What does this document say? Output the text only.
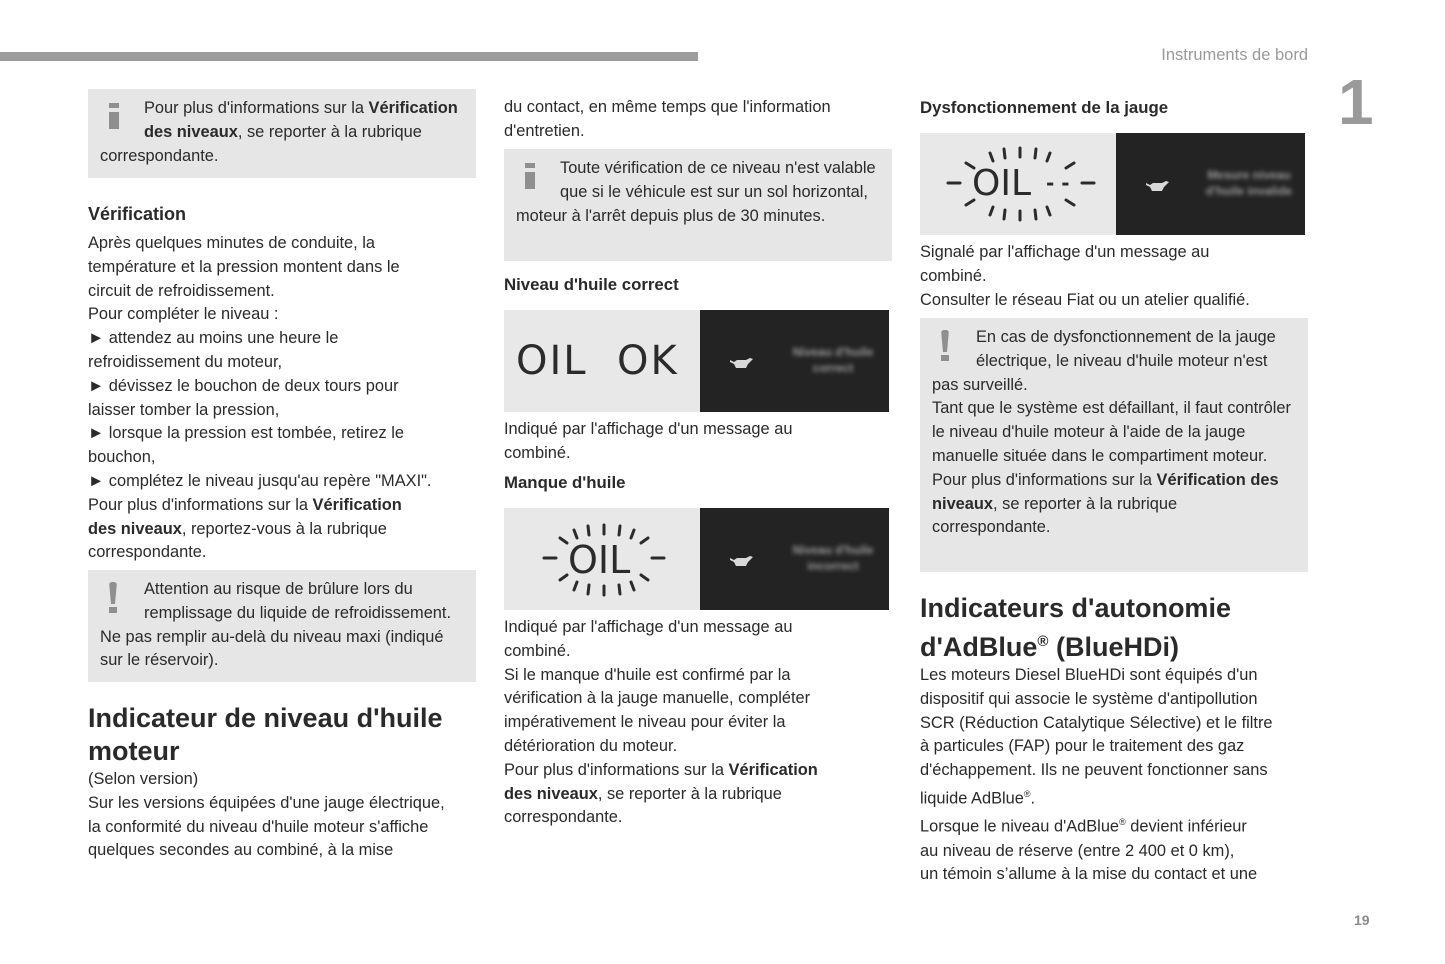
Instruments de bord
1
19

Pour plus d'informations sur la Vérification des niveaux, se reporter à la rubrique correspondante.

Vérification

Après quelques minutes de conduite, la

température et la pression montent dans le

circuit de refroidissement.

Pour compléter le niveau :

► attendez au moins une heure le

refroidissement du moteur,

► dévissez le bouchon de deux tours pour

laisser tomber la pression,

► lorsque la pression est tombée, retirez le

bouchon,

► complétez le niveau jusqu'au repère "MAXI".

Pour plus d'informations sur la Vérification

des niveaux, reportez-vous à la rubrique

correspondante.

Attention au risque de brûlure lors du remplissage du liquide de refroidissement. Ne pas remplir au-delà du niveau maxi (indiqué sur le réservoir).

Indicateur de niveau d'huile

moteur

(Selon version)

Sur les versions équipées d'une jauge électrique,

la conformité du niveau d'huile moteur s'affiche

quelques secondes au combiné, à la mise

du contact, en même temps que l'information

d'entretien.

Toute vérification de ce niveau n'est valable que si le véhicule est sur un sol horizontal, moteur à l'arrêt depuis plus de 30 minutes.

Niveau d'huile correct

OIL  OK	Niveau d'huile correct

Indiqué par l'affichage d'un message au

combiné.

Manque d'huile

OIL	Niveau d'huile incorrect

Indiqué par l'affichage d'un message au

combiné.

Si le manque d'huile est confirmé par la

vérification à la jauge manuelle, compléter

impérativement le niveau pour éviter la

détérioration du moteur.

Pour plus d'informations sur la Vérification

des niveaux, se reporter à la rubrique

correspondante.

Dysfonctionnement de la jauge

OIL - -	Mesure niveau d'huile invalide

Signalé par l'affichage d'un message au

combiné.

Consulter le réseau Fiat ou un atelier qualifié.

En cas de dysfonctionnement de la jauge électrique, le niveau d'huile moteur n'est pas surveillé.

Tant que le système est défaillant, il faut contrôler le niveau d'huile moteur à l'aide de la jauge manuelle située dans le compartiment moteur.

Pour plus d'informations sur la Vérification des niveaux, se reporter à la rubrique correspondante.

Indicateurs d'autonomie

d'AdBlue® (BlueHDi)

Les moteurs Diesel BlueHDi sont équipés d'un

dispositif qui associe le système d'antipollution

SCR (Réduction Catalytique Sélective) et le filtre

à particules (FAP) pour le traitement des gaz

d'échappement. Ils ne peuvent fonctionner sans

liquide AdBlue®.

Lorsque le niveau d'AdBlue® devient inférieur

au niveau de réserve (entre 2 400 et 0 km),

un témoin s’allume à la mise du contact et une
